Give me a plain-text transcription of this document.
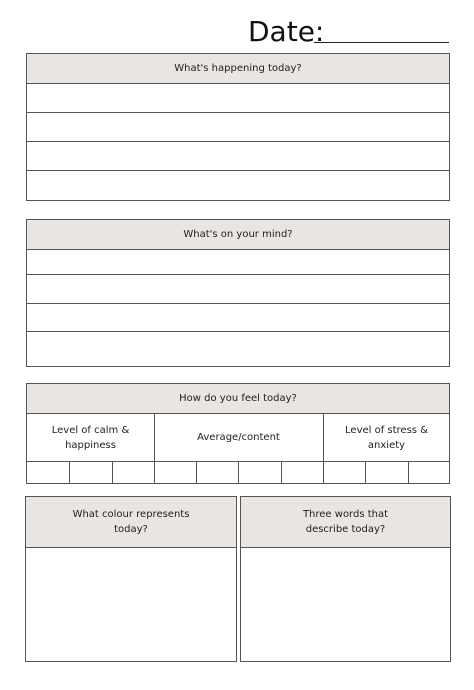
Date:
What's happening today?
What's on your mind?
How do you feel today?
Level of calm &
happiness
Average/content
Level of stress &
anxiety
What colour represents
today?
Three words that
describe today?
